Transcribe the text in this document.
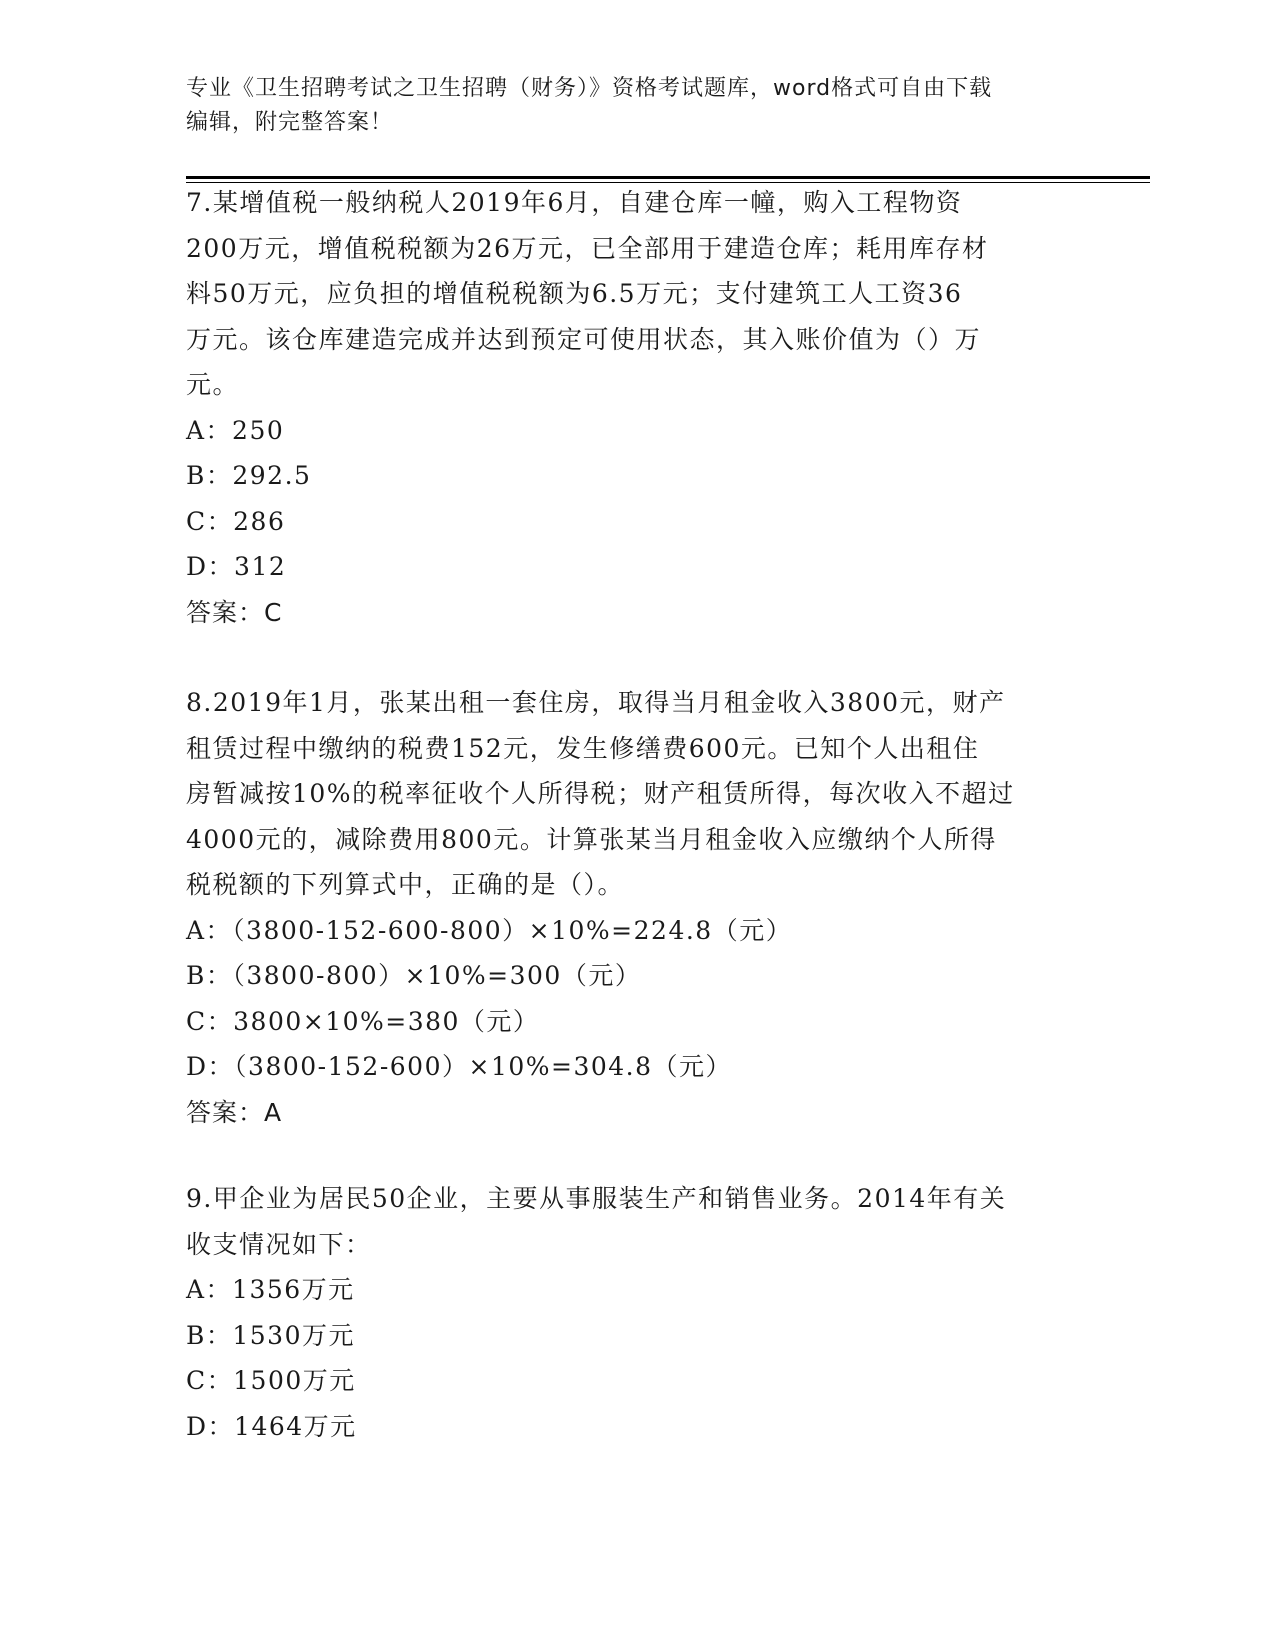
专业《卫生招聘考试之卫生招聘（财务）》资格考试题库，word格式可自由下载
编辑，附完整答案！

7.某增值税一般纳税人2019年6月，自建仓库一幢，购入工程物资
200万元，增值税税额为26万元，已全部用于建造仓库；耗用库存材
料50万元，应负担的增值税税额为6.5万元；支付建筑工人工资36
万元。该仓库建造完成并达到预定可使用状态，其入账价值为（）万
元。

A：250

B：292.5

C：286

D：312

答案：C

8.2019年1月，张某出租一套住房，取得当月租金收入3800元，财产
租赁过程中缴纳的税费152元，发生修缮费600元。已知个人出租住
房暂减按10%的税率征收个人所得税；财产租赁所得，每次收入不超过
4000元的，减除费用800元。计算张某当月租金收入应缴纳个人所得
税税额的下列算式中，正确的是（）。

A：（3800-152-600-800）×10%=224.8（元）

B：（3800-800）×10%=300（元）

C：3800×10%=380（元）

D：（3800-152-600）×10%=304.8（元）

答案：A

9.甲企业为居民50企业，主要从事服装生产和销售业务。2014年有关
收支情况如下：

A：1356万元

B：1530万元

C：1500万元

D：1464万元
